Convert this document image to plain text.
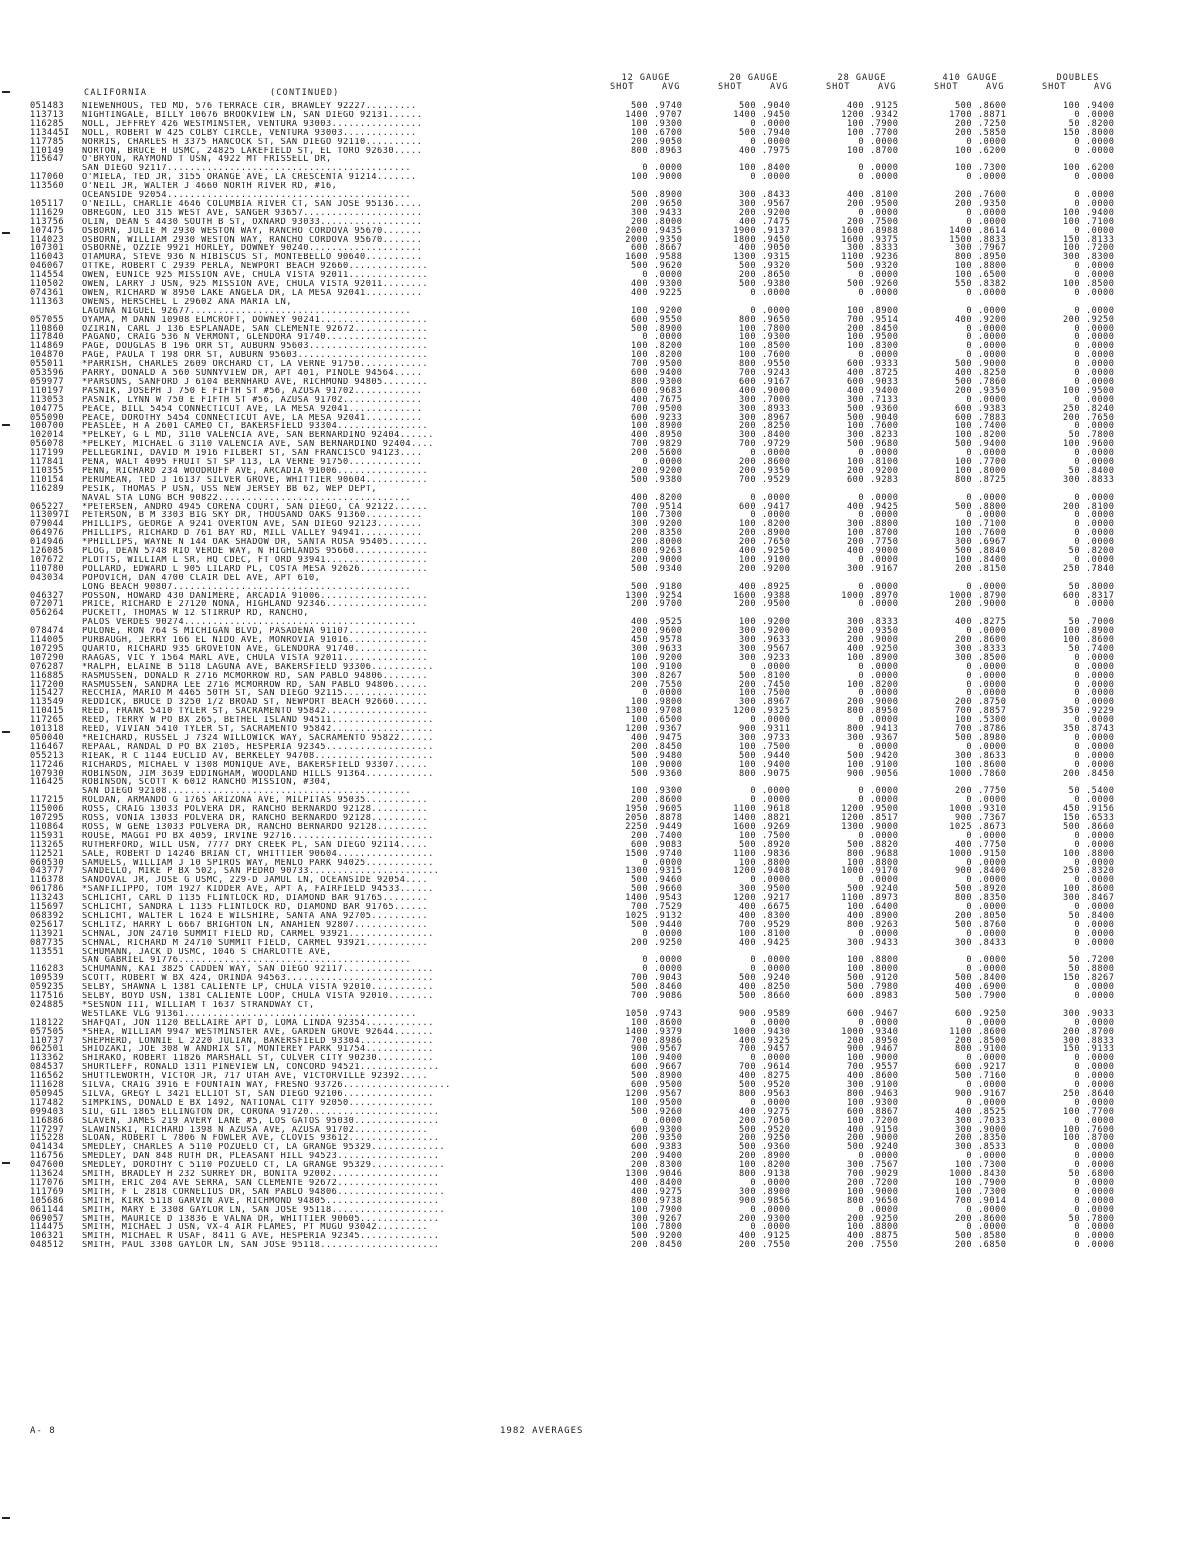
CALIFORNIA	(CONTINUED)
12 GAUGE
SHOT	AVG
20 GAUGE
SHOT	AVG
28 GAUGE
SHOT	AVG
410 GAUGE
SHOT	AVG
DOUBLES
SHOT	AVG
051483	NIEWENHOUS, TED MD, 576 TERRACE CIR, BRAWLEY 92227.........	500 .9740	500 .9040	400 .9125	500 .8600	100 .9400
113713	NIGHTINGALE, BILLY 10676 BROOKVIEW LN, SAN DIEGO 92131......	1400 .9707	1400 .9450	1200 .9342	1700 .8871	0 .0000
116285	NOLL, JEFFREY 426 WESTMINSTER, VENTURA 93003................	100 .9300	0 .0000	100 .7900	200 .7250	50 .8200
113445I	NOLL, ROBERT W 425 COLBY CIRCLE, VENTURA 93003.............	100 .6700	500 .7940	100 .7700	200 .5850	150 .8000
117785	NORRIS, CHARLES H 3375 HANCOCK ST, SAN DIEGO 92110..........	200 .9050	0 .0000	0 .0000	0 .0000	0 .0000
110149	NORTON, BRUCE H USMC, 24825 LAKEFIELD ST, EL TORO 92630.....	800 .8963	400 .7975	100 .8700	100 .6200	0 .0000
115647	O'BRYON, RAYMOND T USN, 4922 MT FRISSELL DR,
SAN DIEGO 92117...........................................	0 .0000	100 .8400	0 .0000	100 .7300	100 .6200
117060	O'MIELA, TED JR, 3155 ORANGE AVE, LA CRESCENTA 91214.......	100 .9000	0 .0000	0 .0000	0 .0000	0 .0000
113560	O'NEIL JR, WALTER J 4660 NORTH RIVER RD, #16,
OCEANSIDE 92054...........................................	500 .8900	300 .8433	400 .8100	200 .7600	0 .0000
105117	O'NEILL, CHARLIE 4646 COLUMBIA RIVER CT, SAN JOSE 95136.....	200 .9650	300 .9567	200 .9500	200 .9350	0 .0000
111629	OBREGON, LEO 315 WEST AVE, SANGER 93657.....................	300 .9433	200 .9200	0 .0000	0 .0000	100 .9400
113756	OLIN, DEAN S 4430 SOUTH B ST, OXNARD 93033..................	200 .8000	400 .7475	200 .7500	0 .0000	100 .7100
107475	OSBORN, JULIE M 2930 WESTON WAY, RANCHO CORDOVA 95670.......	2000 .9435	1900 .9137	1600 .8988	1400 .8614	0 .0000
114023	OSBORN, WILLIAM 2930 WESTON WAY, RANCHO CORDOVA 95670.......	2000 .9350	1800 .9450	1600 .9375	1500 .8833	150 .8133
107301	OSBORNE, OZZIE 9921 HORLEY, DOWNEY 90240....................	600 .8667	400 .9050	300 .8333	300 .7967	100 .7200
116043	OTAMURA, STEVE 936 N HIBISCUS ST, MONTEBELLO 90640..........	1600 .9588	1300 .9315	1100 .9236	800 .8950	300 .8300
046067	OTTKE, ROBERT C 2939 PERLA, NEWPORT BEACH 92660..............	500 .9620	500 .9320	500 .9320	100 .8800	0 .0000
114554	OWEN, EUNICE 925 MISSION AVE, CHULA VISTA 92011..............	0 .0000	200 .8650	0 .0000	100 .6500	0 .0000
110502	OWEN, LARRY J USN, 925 MISSION AVE, CHULA VISTA 92011........	400 .9300	500 .9380	500 .9260	550 .8382	100 .8500
074361	OWEN, RICHARD W 8950 LAKE ANGELA DR, LA MESA 92041..........	400 .9225	0 .0000	0 .0000	0 .0000	0 .0000
111363	OWENS, HERSCHEL L 29602 ANA MARIA LN,
LAGUNA NIGUEL 92677.......................................	100 .9200	0 .0000	100 .8900	0 .0000	0 .0000
057055	OYAMA, M DANN 10908 ELMCROFT, DOWNEY 90241...................	600 .9550	800 .9650	700 .9514	400 .9200	200 .9250
110860	OZIRIN, CARL J 136 ESPLANADE, SAN CLEMENTE 92672.............	500 .8900	100 .7800	200 .8450	0 .0000	0 .0000
117840	PAGANO, CRAIG 536 N VERMONT, GLENDORA 91740..................	0 .0000	100 .9300	100 .9500	0 .0000	0 .0000
114869	PAGE, DOUGLAS B 196 ORR ST, AUBURN 95603.....................	100 .8200	100 .8500	100 .8300	0 .0000	0 .0000
104870	PAGE, PAULA T 198 ORR ST, AUBURN 95603.......................	100 .8200	100 .7600	0 .0000	0 .0000	0 .0000
055011	*PARRISH, CHARLES 2609 ORCHARD CT, LA VERNE 91750............	700 .9500	800 .9550	600 .9333	500 .9000	0 .0000
053596	PARRY, DONALD A 560 SUNNYVIEW DR, APT 401, PINOLE 94564.....	600 .9400	700 .9243	400 .8725	400 .8250	0 .0000
059977	*PARSONS, SANFORD J 6104 BERNHARD AVE, RICHMOND 94805........	800 .9300	600 .9167	600 .9033	500 .7860	0 .0000
110197	PASNIK, JOSEPH J 750 E FIFTH ST #56, AZUSA 91702............	600 .9683	400 .9000	400 .9400	200 .9350	100 .9500
113053	PASNIK, LYNN W 750 E FIFTH ST #56, AZUSA 91702..............	400 .7675	300 .7000	300 .7133	0 .0000	0 .0000
104775	PEACE, BILL 5454 CONNECTICUT AVE, LA MESA 92041.............	700 .9500	300 .8933	500 .9360	600 .9383	250 .8240
055090	PEACE, DOROTHY 5454 CONNECTICUT AVE, LA MESA 92041..........	600 .9233	300 .8967	500 .9040	600 .7883	200 .7650
100700	PEASLEE, H A 2601 CAMEO CT, BAKERSFIELD 93304................	100 .8900	200 .8250	100 .7600	100 .7400	0 .0000
102014	*PELKEY, G L MD, 3110 VALENCIA AVE, SAN BERNARDINO 92404......	400 .8950	300 .8400	300 .8233	100 .8200	50 .7800
056078	*PELKEY, MICHAEL G 3110 VALENCIA AVE, SAN BERNARDINO 92404....	700 .9829	700 .9729	500 .9680	500 .9400	100 .9600
117199	PELLEGRINI, DAVID M 1916 FILBERT ST, SAN FRANCISCO 94123....	200 .5600	0 .0000	0 .0000	0 .0000	0 .0000
117841	PENA, WALT 4095 FRUIT ST SP 113, LA VERNE 91750.............	0 .0000	200 .8600	100 .8100	100 .7700	0 .0000
110355	PENN, RICHARD 234 WOODRUFF AVE, ARCADIA 91006................	200 .9200	200 .9350	200 .9200	100 .8000	50 .8400
110154	PERUMEAN, TED J 16137 SILVER GROVE, WHITTIER 90604...........	500 .9380	700 .9529	600 .9283	800 .8725	300 .8833
116289	PESIK, THOMAS P USN, USS NEW JERSEY BB 62, WEP DEPT,
NAVAL STA LONG BCH 90822..................................	400 .8200	0 .0000	0 .0000	0 .0000	0 .0000
065227	*PETERSEN, ANDRO 4945 CORENA COURT, SAN DIEGO, CA 92122......	700 .9514	600 .9417	400 .9425	500 .8800	200 .8100
113097I	PETERSON, B M 3303 BIG SKY DR, THOUSAND OAKS 91360..........	100 .7300	0 .0000	0 .0000	0 .0000	0 .0000
079044	PHILLIPS, GEORGE A 9241 OVERTON AVE, SAN DIEGO 92123........	300 .9200	100 .8200	300 .8800	100 .7100	0 .0000
064976	PHILLIPS, RICHARD D 761 BAY RD, MILL VALLEY 94941...........	200 .8350	200 .8900	100 .8700	100 .7600	0 .0000
014946	*PHILLIPS, WAYNE N 144 OAK SHADOW DR, SANTA ROSA 95405.......	200 .8000	200 .7650	200 .7750	300 .6967	0 .0000
126085	PLOG, DEAN 5748 RIO VERDE WAY, N HIGHLANDS 95660.............	800 .9263	400 .9250	400 .9000	500 .8840	50 .8200
107672	PLOTTS, WILLIAM L SR, HQ CDEC, FT ORD 93941..................	200 .9000	100 .9100	0 .0000	100 .8400	0 .0000
110780	POLLARD, EDWARD L 905 LILARD PL, COSTA MESA 92626............	500 .9340	200 .9200	300 .9167	200 .8150	250 .7840
043034	POPOVICH, DAN 4700 CLAIR DEL AVE, APT 610,
LONG BEACH 90807..........................................	500 .9180	400 .8925	0 .0000	0 .0000	50 .8000
046327	POSSON, HOWARD 430 DANIMERE, ARCADIA 91006...................	1300 .9254	1600 .9388	1000 .8970	1000 .8790	600 .8317
072071	PRICE, RICHARD E 27120 NONA, HIGHLAND 92346..................	200 .9700	200 .9500	0 .0000	200 .9000	0 .0000
056264	PUCKETT, THOMAS W 12 STIRRUP RD, RANCHO,
PALOS VERDES 90274.........................................	400 .9525	100 .9200	300 .8333	400 .8275	50 .7000
078474	PULONE, RON 764 S MICHIGAN BLVD, PASADENA 91107..............	200 .9600	300 .9200	200 .9350	0 .0000	100 .8900
114005	PURBAUGH, JERRY 166 EL NIDO AVE, MONROVIA 91016..............	450 .9578	300 .9633	200 .9000	200 .8600	100 .8600
107295	QUARTO, RICHARD 935 GROVETON AVE, GLENDORA 91740.............	300 .9633	300 .9567	400 .9250	300 .8333	50 .7400
107290	RAAGAS, VIC Y 1564 MARL AVE, CHULA VISTA 92011...............	100 .9200	300 .9233	100 .8900	300 .8500	0 .0000
076287	*RALPH, ELAINE B 5118 LAGUNA AVE, BAKERSFIELD 93306...........	100 .9100	0 .0000	0 .0000	0 .0000	0 .0000
116885	RASMUSSEN, DONALD R 2716 MCMORROW RD, SAN PABLO 94806........	300 .8267	500 .8100	0 .0000	0 .0000	0 .0000
117200	RASMUSSEN, SANDRA LEE 2716 MCMORROW RD, SAN PABLO 94806......	200 .7550	200 .7450	100 .8200	0 .0000	0 .0000
115427	RECCHIA, MARIO M 4465 50TH ST, SAN DIEGO 92115...............	0 .0000	100 .7500	0 .0000	0 .0000	0 .0000
113549	REDDICK, BRUCE D 3250 1/2 BROAD ST, NEWPORT BEACH 92660......	100 .9800	300 .8967	200 .9000	200 .8750	0 .0000
110415	REED, FRANK 5410 TYLER ST, SACRAMENTO 95842..................	1300 .9708	1200 .9325	800 .8950	700 .8857	350 .9229
117265	REED, TERRY W PO BX 265, BETHEL ISLAND 94511..................	100 .6500	0 .0000	0 .0000	100 .5300	0 .0000
101318	REED, VIVIAN 5410 TYLER ST, SACRAMENTO 95842..................	1200 .9367	900 .9311	800 .9413	700 .8786	350 .8743
050040	*REICHARD, RUSSEL J 7324 WILLOWICK WAY, SACRAMENTO 95822......	400 .9475	300 .9733	300 .9367	500 .8980	0 .0000
116467	REPAAL, RANDAL D PO BX 2105, HESPERIA 92345...................	200 .8450	100 .7500	0 .0000	0 .0000	0 .0000
055213	RIEAK, R C 1144 EUCLID AV, BERKELEY 94708.....................	500 .9480	500 .9440	500 .9420	300 .8633	0 .0000
117246	RICHARDS, MICHAEL V 1308 MONIQUE AVE, BAKERSFIELD 93307......	100 .9000	100 .9400	100 .9100	100 .8600	0 .0000
107930	ROBINSON, JIM 3639 EDDINGHAM, WOODLAND HILLS 91364............	500 .9360	800 .9075	900 .9056	1000 .7860	200 .8450
116425	ROBINSON, SCOTT K 6012 RANCHO MISSION, #304,
SAN DIEGO 92108...........................................	100 .9300	0 .0000	0 .0000	200 .7750	50 .5400
117215	ROLDAN, ARMANDO G 1765 ARIZONA AVE, MILPITAS 95035...........	200 .8600	0 .0000	0 .0000	0 .0000	0 .0000
115006	ROSS, CRAIG 13033 POLVERA DR, RANCHO BERNARDO 92128..........	1950 .9605	1100 .9618	1200 .9500	1000 .9310	450 .9156
107295	ROSS, VONIA 13033 POLVERA DR, RANCHO BERNARDO 92128..........	2050 .8878	1400 .8821	1200 .8517	900 .7367	150 .6533
110864	ROSS, W GENE 13033 POLVERA DR, RANCHO BERNARDO 92128.........	2250 .9449	1600 .9269	1300 .9000	1025 .8673	500 .8660
115931	ROUSE, MAGGI PO BX 4059, IRVINE 92716.........................	200 .7400	100 .7500	0 .0000	0 .0000	0 .0000
113265	RUTHERFORD, WILL USN, 7777 DRY CREEK PL, SAN DIEGO 92114.....	600 .9083	500 .8920	500 .8820	400 .7750	0 .0000
112521	SALE, ROBERT D 14246 BRIAN CT, WHITTIER 90604.................	1500 .9740	1100 .9836	800 .9688	1000 .9150	100 .8800
060530	SAMUELS, WILLIAM J 10 SPIROS WAY, MENLO PARK 94025............	0 .0000	100 .8800	100 .8800	0 .0000	0 .0000
043777	SANDELLO, MIKE P BX 502, SAN PEDRO 90733.......................	1300 .9315	1200 .9408	1000 .9170	900 .8400	250 .8320
116378	SANDOVAL JR, JOSE G USMC, 229-D JAMUL LN, OCEANSIDE 92054....	500 .9460	0 .0000	0 .0000	0 .0000	0 .0000
061786	*SANFILIPPO, TOM 1927 KIDDER AVE, APT A, FAIRFIELD 94533......	500 .9660	300 .9500	500 .9240	500 .8920	100 .8600
113243	SCHLICHT, CARL D 1135 FLINTLOCK RD, DIAMOND BAR 91765........	1400 .9543	1200 .9217	1100 .8973	800 .8350	300 .8467
115697	SCHLICHT, SANDRA L 1135 FLINTLOCK RD, DIAMOND BAR 91765......	700 .7529	400 .6675	100 .6400	0 .0000	0 .0000
068392	SCHLICHT, WALTER L 1624 E WILSHIRE, SANTA ANA 92705..........	1025 .9132	400 .8300	400 .8900	200 .8050	50 .8400
025617	SCHLITZ, HARRY L 6667 BRIGHTON LN, ANAHIEN 92807.............	500 .9440	700 .9529	800 .9263	500 .8760	0 .0000
113921	SCHNAL, JON 24710 SUMMIT FIELD RD, CARMEL 93921...............	0 .0000	100 .8100	0 .0000	0 .0000	0 .0000
087735	SCHNAL, RICHARD M 24710 SUMMIT FIELD, CARMEL 93921...........	200 .9250	400 .9425	300 .9433	300 .8433	0 .0000
113551	SCHUMANN, JACK D USMC, 1046 S CHARLOTTE AVE,
SAN GABRIEL 91776.........................................	0 .0000	0 .0000	100 .8800	0 .0000	50 .7200
116283	SCHUMANN, KAI 3825 CADDEN WAY, SAN DIEGO 92117................	0 .0000	0 .0000	100 .8000	0 .0000	50 .8800
109539	SCOTT, ROBERT W BX 424, ORINDA 94563..........................	700 .9043	500 .9240	500 .9120	500 .8400	150 .8267
059235	SELBY, SHAWNA L 1381 CALIENTE LP, CHULA VISTA 92010...........	500 .8460	400 .8250	500 .7980	400 .6900	0 .0000
117516	SELBY, BOYD USN, 1381 CALIENTE LOOP, CHULA VISTA 92010........	700 .9086	500 .8660	600 .8983	500 .7900	0 .0000
024885	*SESNON III, WILLIAM T 1637 STRANDWAY CT,
WESTLAKE VLG 91361.........................................	1050 .9743	900 .9589	600 .9467	600 .9250	300 .9033
118122	SHAFQAT, JON 1120 BELLAIRE APT D, LOMA LINDA 92354............	100 .8600	0 .0000	0 .0000	0 .0000	0 .0000
057505	*SHEA, WILLIAM 9947 WESTMINSTER AVE, GARDEN GROVE 92644.......	1400 .9379	1000 .9430	1000 .9340	1100 .8600	200 .8700
110737	SHEPHERD, LONNIE L 2220 JULIAN, BAKERSFIELD 93304.............	700 .8986	400 .9325	200 .8950	200 .8500	300 .8833
062501	SHIOZAKI, JOE 308 W ANDRIX ST, MONTEREY PARK 91754............	900 .9567	700 .9457	900 .9467	800 .9100	150 .9133
113362	SHIRAKO, ROBERT 11826 MARSHALL ST, CULVER CITY 90230..........	100 .9400	0 .0000	100 .9000	0 .0000	0 .0000
084537	SHURTLEFF, RONALD 1311 PINEVIEW LN, CONCORD 94521..............	600 .9667	700 .9614	700 .9557	600 .9217	0 .0000
116562	SHUTTLEWORTH, VICTOR JR, 717 UTAH AVE, VICTORVILLE 92392.....	500 .8900	400 .8275	400 .8600	500 .7160	0 .0000
111628	SILVA, CRAIG 3916 E FOUNTAIN WAY, FRESNO 93726...................	600 .9500	500 .9520	300 .9100	0 .0000	0 .0000
050945	SILVA, GREGY L 3421 ELLIOT ST, SAN DIEGO 92106................	1200 .9567	800 .9563	800 .9463	900 .9167	250 .8640
117482	SIMPKINS, DONALD E BX 1492, NATIONAL CITY 92050...............	100 .9500	0 .0000	100 .9300	0 .0000	0 .0000
099403	SIU, GIL 1865 ELLINGTON DR, CORONA 91720.......................	500 .9260	400 .9275	600 .8867	400 .8525	100 .7700
116886	SLAVEN, JAMES 219 AVERY LANE #5, LOS GATOS 95030...............	0 .0000	200 .7050	100 .7200	300 .7033	0 .0000
117297	SLAWINSKI, RICHARD 1398 N AZUSA AVE, AZUSA 91702.............	600 .9300	500 .9520	400 .9150	300 .9000	100 .7600
115228	SLOAN, ROBERT L 7806 N FOWLER AVE, CLOVIS 93612................	200 .9350	200 .9250	200 .9000	200 .8350	100 .8700
041434	SMEDLEY, CHARLES A 5110 POZUELO CT, LA GRANGE 95329.............	600 .9383	500 .9360	500 .9240	300 .8533	0 .0000
116756	SMEDLEY, DAN 848 RUTH DR, PLEASANT HILL 94523..................	200 .9400	200 .8900	0 .0000	0 .0000	0 .0000
047600	SMEDLEY, DOROTHY C 5110 POZUELO CT, LA GRANGE 95329.............	200 .8300	100 .8200	300 .7567	100 .7300	0 .0000
113624	SMITH, BRADLEY H 232 SURREY DR, BONITA 92002...................	1300 .9046	800 .9138	700 .9029	1000 .8430	50 .6800
117076	SMITH, ERIC 204 AVE SERRA, SAN CLEMENTE 92672..................	400 .8400	0 .0000	200 .7200	100 .7900	0 .0000
111769	SMITH, F L 2818 CORNELIUS DR, SAN PABLO 94806...................	400 .9275	300 .8900	100 .9000	100 .7300	0 .0000
105686	SMITH, KIRK 5118 GARVIN AVE, RICHMOND 94805....................	800 .9738	900 .9856	800 .9650	700 .9014	0 .0000
061144	SMITH, MARY E 3308 GAYLOR LN, SAN JOSE 95118....................	100 .7900	0 .0000	0 .0000	0 .0000	0 .0000
069057	SMITH, MAURICE D 13836 E VALNA DR, WHITTIER 90605..............	300 .9267	200 .9300	200 .9250	200 .8600	50 .7800
114475	SMITH, MICHAEL J USN, VX-4 AIR FLAMES, PT MUGU 93042.........	100 .7800	0 .0000	100 .8800	0 .0000	0 .0000
106321	SMITH, MICHAEL R USAF, 8411 G AVE, HESPERIA 92345..............	500 .9200	400 .9125	400 .8875	500 .8580	0 .0000
048512	SMITH, PAUL 3308 GAYLOR LN, SAN JOSE 95118.....................	200 .8450	200 .7550	200 .7550	200 .6850	0 .0000
A- 8	1982 AVERAGES
